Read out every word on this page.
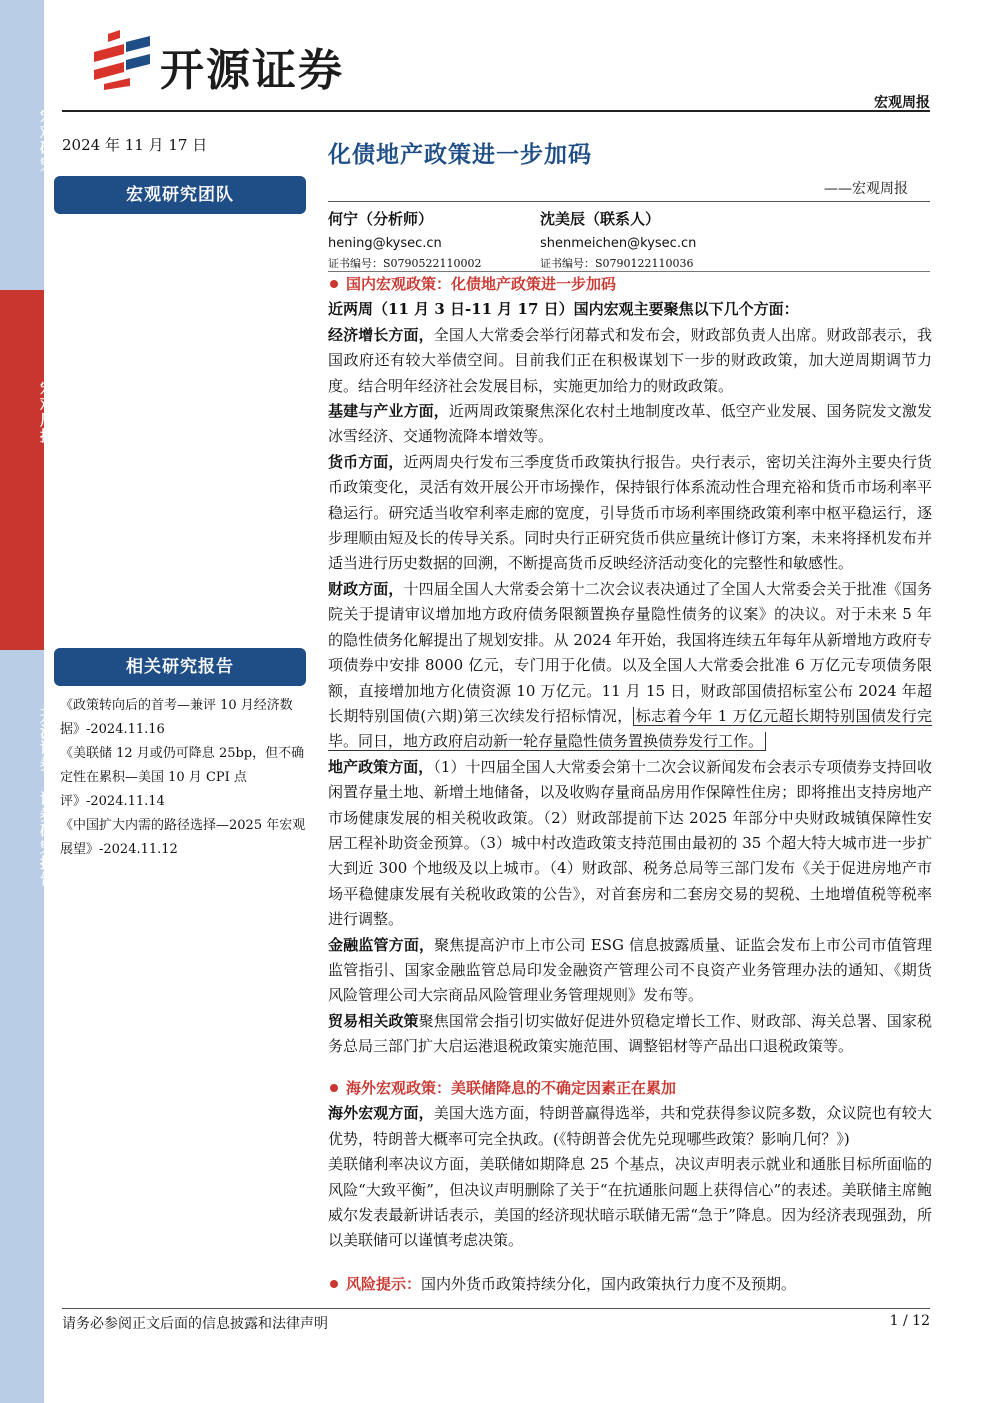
宏观研究
宏观周报
开源证券 证券研究报告
开源证券
宏观周报
2024 年 11 月 17 日
宏观研究团队
相关研究报告

《政策转向后的首考—兼评 10 月经济数据》-2024.11.16

《美联储 12 月或仍可降息 25bp，但不确定性在累积—美国 10 月 CPI 点评》-2024.11.14

《中国扩大内需的路径选择—2025 年宏观展望》-2024.11.12

化债地产政策进一步加码
——宏观周报
何宁（分析师）
hening@kysec.cn
证书编号：S0790522110002
沈美辰（联系人）
shenmeichen@kysec.cn
证书编号：S0790122110036

国内宏观政策：化债地产政策进一步加码

近两周（11 月 3 日-11 月 17 日）国内宏观主要聚焦以下几个方面：

经济增长方面，全国人大常委会举行闭幕式和发布会，财政部负责人出席。财政部表示，我国政府还有较大举债空间。目前我们正在积极谋划下一步的财政政策，加大逆周期调节力度。结合明年经济社会发展目标，实施更加给力的财政政策。

基建与产业方面，近两周政策聚焦深化农村土地制度改革、低空产业发展、国务院发文激发冰雪经济、交通物流降本增效等。

货币方面，近两周央行发布三季度货币政策执行报告。央行表示，密切关注海外主要央行货币政策变化，灵活有效开展公开市场操作，保持银行体系流动性合理充裕和货币市场利率平稳运行。研究适当收窄利率走廊的宽度，引导货币市场利率围绕政策利率中枢平稳运行，逐步理顺由短及长的传导关系。同时央行正研究货币供应量统计修订方案，未来将择机发布并适当进行历史数据的回溯，不断提高货币反映经济活动变化的完整性和敏感性。

财政方面，十四届全国人大常委会第十二次会议表决通过了全国人大常委会关于批准《国务院关于提请审议增加地方政府债务限额置换存量隐性债务的议案》的决议。对于未来 5 年的隐性债务化解提出了规划安排。从 2024 年开始，我国将连续五年每年从新增地方政府专项债券中安排 8000 亿元，专门用于化债。以及全国人大常委会批准 6 万亿元专项债务限额，直接增加地方化债资源 10 万亿元。11 月 15 日，财政部国债招标室公布 2024 年超长期特别国债(六期)第三次续发行招标情况， 标志着今年 1 万亿元超长期特别国债发行完毕。同日，地方政府启动新一轮存量隐性债务置换债券发行工作。

地产政策方面，（1）十四届全国人大常委会第十二次会议新闻发布会表示专项债券支持回收闲置存量土地、新增土地储备，以及收购存量商品房用作保障性住房；即将推出支持房地产市场健康发展的相关税收政策。（2）财政部提前下达 2025 年部分中央财政城镇保障性安居工程补助资金预算。（3）城中村改造政策支持范围由最初的 35 个超大特大城市进一步扩大到近 300 个地级及以上城市。（4）财政部、税务总局等三部门发布《关于促进房地产市场平稳健康发展有关税收政策的公告》，对首套房和二套房交易的契税、土地增值税等税率进行调整。

金融监管方面，聚焦提高沪市上市公司 ESG 信息披露质量、证监会发布上市公司市值管理监管指引、国家金融监管总局印发金融资产管理公司不良资产业务管理办法的通知、《期货风险管理公司大宗商品风险管理业务管理规则》发布等。

贸易相关政策聚焦国常会指引切实做好促进外贸稳定增长工作、财政部、海关总署、国家税务总局三部门扩大启运港退税政策实施范围、调整铝材等产品出口退税政策等。

海外宏观政策：美联储降息的不确定因素正在累加

海外宏观方面，美国大选方面，特朗普赢得选举，共和党获得参议院多数，众议院也有较大优势，特朗普大概率可完全执政。(《特朗普会优先兑现哪些政策？影响几何？》)

美联储利率决议方面，美联储如期降息 25 个基点，决议声明表示就业和通胀目标所面临的风险“大致平衡”，但决议声明删除了关于“在抗通胀问题上获得信心”的表述。美联储主席鲍威尔发表最新讲话表示，美国的经济现状暗示联储无需“急于”降息。因为经济表现强劲，所以美联储可以谨慎考虑决策。

风险提示：国内外货币政策持续分化，国内政策执行力度不及预期。

请务必参阅正文后面的信息披露和法律声明	1 / 12
